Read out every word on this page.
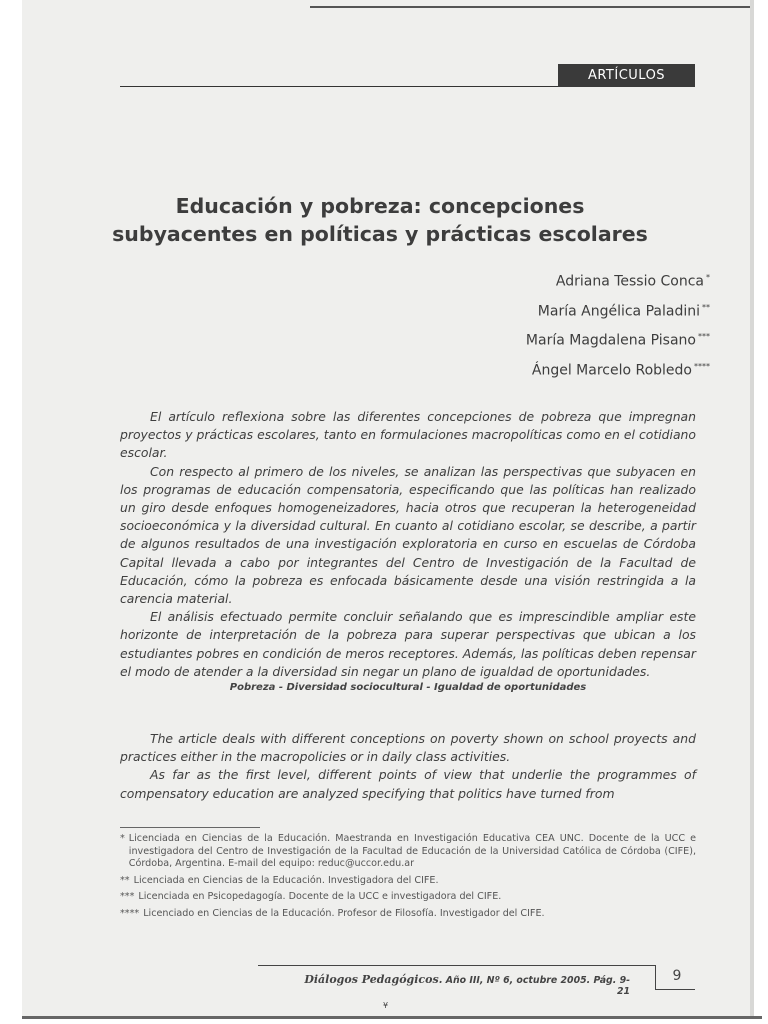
ARTÍCULOS
Educación y pobreza: concepciones
subyacentes en políticas y prácticas escolares
Adriana Tessio Conca *
María Angélica Paladini **
María Magdalena Pisano ***
Ángel Marcelo Robledo ****

El artículo reflexiona sobre las diferentes concepciones de pobreza que impregnan proyectos y prácticas escolares, tanto en formulaciones macropolíticas como en el cotidiano escolar.

Con respecto al primero de los niveles, se analizan las perspectivas que subyacen en los programas de educación compensatoria, especificando que las políticas han realizado un giro desde enfoques homogeneizadores, hacia otros que recuperan la heterogeneidad socioeconómica y la diversidad cultural. En cuanto al cotidiano escolar, se describe, a partir de algunos resultados de una investigación exploratoria en curso en escuelas de Córdoba Capital llevada a cabo por integrantes del Centro de Investigación de la Facultad de Educación, cómo la pobreza es enfocada básicamente desde una visión restringida a la carencia material.

El análisis efectuado permite concluir señalando que es imprescindible ampliar este horizonte de interpretación de la pobreza para superar perspectivas que ubican a los estudiantes pobres en condición de meros receptores. Además, las políticas deben repensar el modo de atender a la diversidad sin negar un plano de igualdad de oportunidades.

Pobreza - Diversidad sociocultural - Igualdad de oportunidades

The article deals with different conceptions on poverty shown on school proyects and practices either in the macropolicies or in daily class activities.

As far as the first level, different points of view that underlie the programmes of compensatory education are analyzed specifying that politics have turned from

* Licenciada en Ciencias de la Educación. Maestranda en Investigación Educativa CEA UNC. Docente de la UCC e investigadora del Centro de Investigación de la Facultad de Educación de la Universidad Católica de Córdoba (CIFE), Córdoba, Argentina. E-mail del equipo: reduc@uccor.edu.ar
** Licenciada en Ciencias de la Educación. Investigadora del CIFE.
*** Licenciada en Psicopedagogía. Docente de la UCC e investigadora del CIFE.
**** Licenciado en Ciencias de la Educación. Profesor de Filosofía. Investigador del CIFE.
Diálogos Pedagógicos. Año III, Nº 6, octubre 2005. Pág. 9-21
9
¥
